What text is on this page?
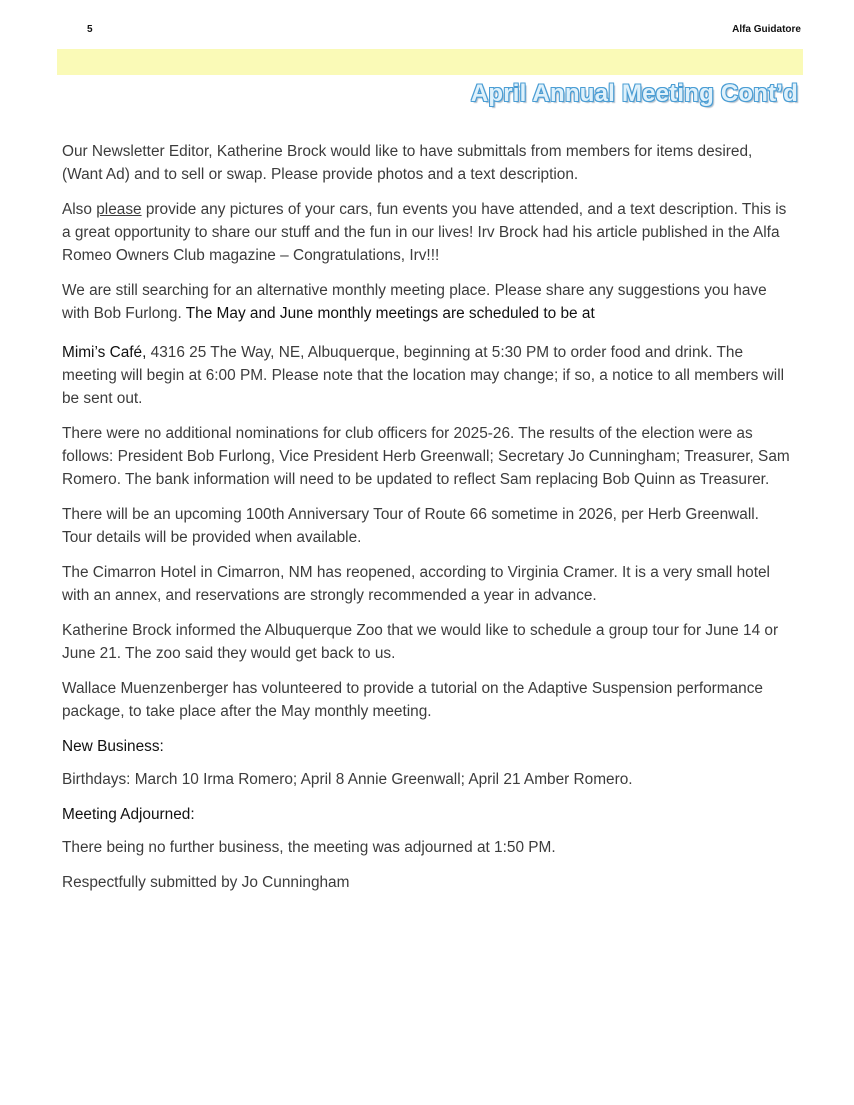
5	Alfa Guidatore
April Annual Meeting Cont’d

Our Newsletter Editor, Katherine Brock would like to have submittals from members for items desired, (Want Ad) and to sell or swap. Please provide photos and a text description.

Also please provide any pictures of your cars, fun events you have attended, and a text description. This is a great opportunity to share our stuff and the fun in our lives! Irv Brock had his article published in the Alfa Romeo Owners Club magazine – Congratulations, Irv!!!

We are still searching for an alternative monthly meeting place. Please share any suggestions you have with Bob Furlong. The May and June monthly meetings are scheduled to be at

Mimi’s Café, 4316 25 The Way, NE, Albuquerque, beginning at 5:30 PM to order food and drink. The meeting will begin at 6:00 PM. Please note that the location may change; if so, a notice to all members will be sent out.

There were no additional nominations for club officers for 2025-26. The results of the election were as follows: President Bob Furlong, Vice President Herb Greenwall; Secretary Jo Cunningham; Treasurer, Sam Romero. The bank information will need to be updated to reflect Sam replacing Bob Quinn as Treasurer.

There will be an upcoming 100th Anniversary Tour of Route 66 sometime in 2026, per Herb Greenwall. Tour details will be provided when available.

The Cimarron Hotel in Cimarron, NM has reopened, according to Virginia Cramer. It is a very small hotel with an annex, and reservations are strongly recommended a year in advance.

Katherine Brock informed the Albuquerque Zoo that we would like to schedule a group tour for June 14 or June 21. The zoo said they would get back to us.

Wallace Muenzenberger has volunteered to provide a tutorial on the Adaptive Suspension performance package, to take place after the May monthly meeting.

New Business:

Birthdays: March 10 Irma Romero; April 8 Annie Greenwall; April 21 Amber Romero.

Meeting Adjourned:

There being no further business, the meeting was adjourned at 1:50 PM.

Respectfully submitted by Jo Cunningham
